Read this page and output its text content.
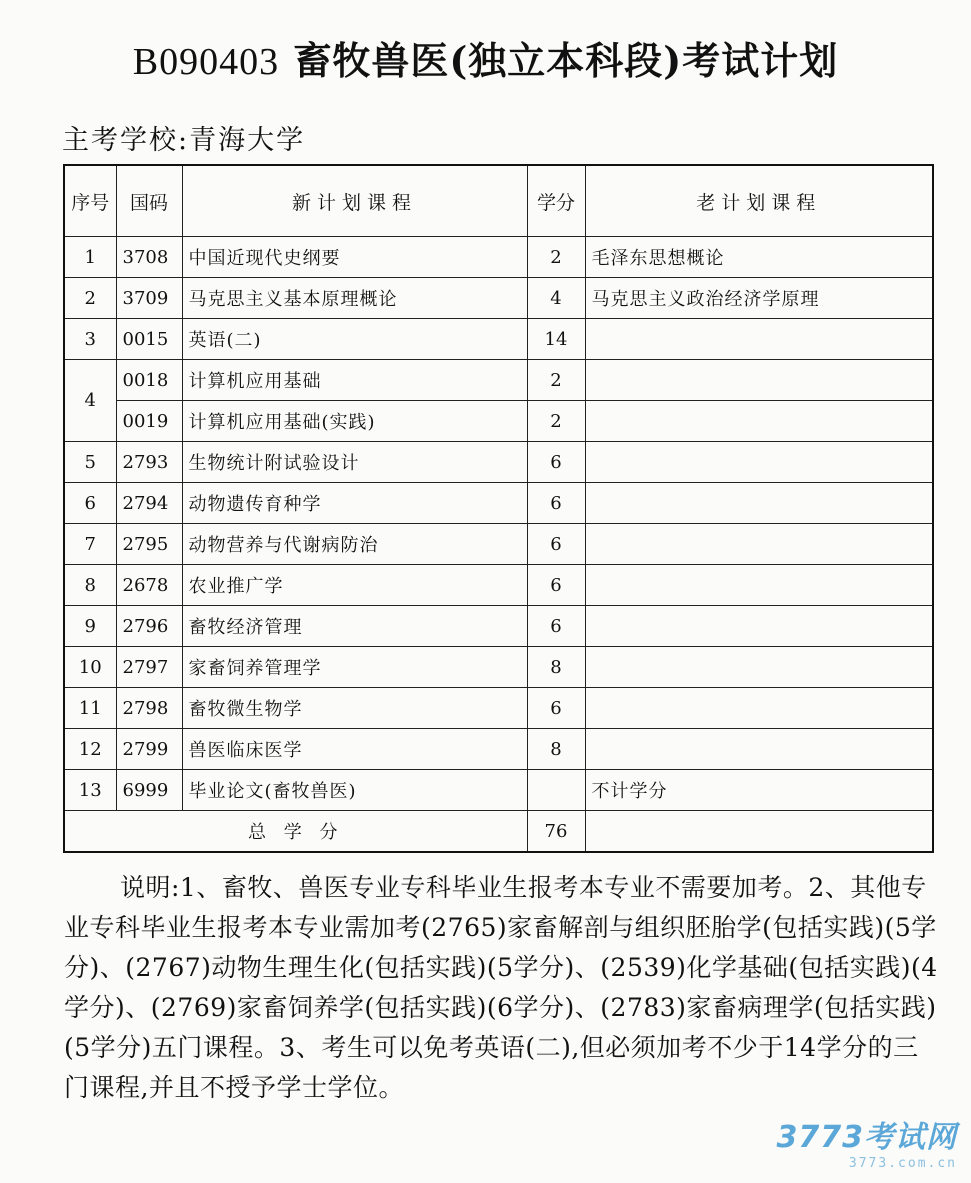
B090403 畜牧兽医(独立本科段)考试计划
主考学校:青海大学
序号	国码	新计划课程	学分	老计划课程
1	3708	中国近现代史纲要	2	毛泽东思想概论
2	3709	马克思主义基本原理概论	4	马克思主义政治经济学原理
3	0015	英语(二)	14	
4	0018	计算机应用基础	2	
	0019	计算机应用基础(实践)	2	
5	2793	生物统计附试验设计	6	
6	2794	动物遗传育种学	6	
7	2795	动物营养与代谢病防治	6	
8	2678	农业推广学	6	
9	2796	畜牧经济管理	6	
10	2797	家畜饲养管理学	8	
11	2798	畜牧微生物学	6	
12	2799	兽医临床医学	8	
13	6999	毕业论文(畜牧兽医)		不计学分
总 学 分			76	

说明:1、畜牧、兽医专业专科毕业生报考本专业不需要加考。2、其他专业专科毕业生报考本专业需加考(2765)家畜解剖与组织胚胎学(包括实践)(5学分)、(2767)动物生理生化(包括实践)(5学分)、(2539)化学基础(包括实践)(4学分)、(2769)家畜饲养学(包括实践)(6学分)、(2783)家畜病理学(包括实践)(5学分)五门课程。3、考生可以免考英语(二),但必须加考不少于14学分的三门课程,并且不授予学士学位。

3773考试网
3773.com.cn
